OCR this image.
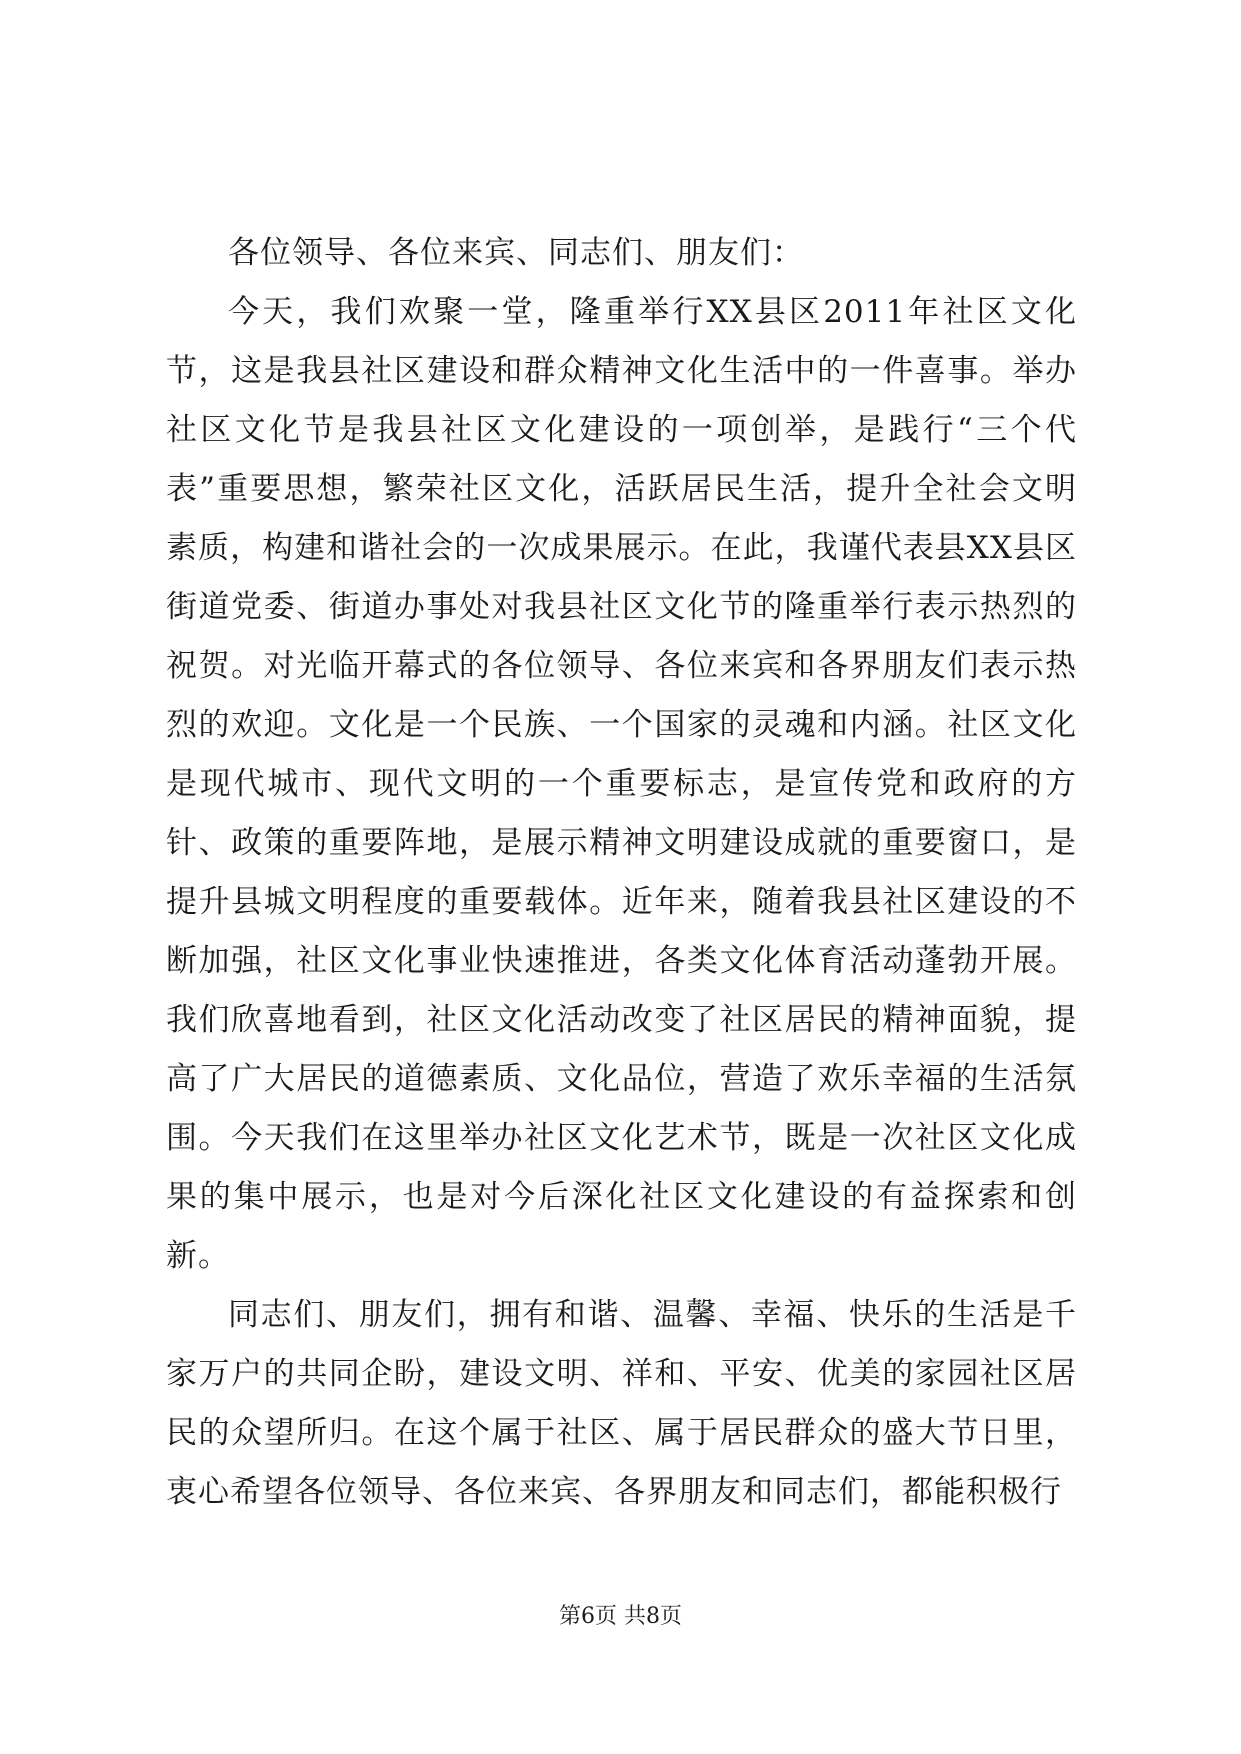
各位领导、各位来宾、同志们、朋友们：

今天，我们欢聚一堂，隆重举行XX县区2011年社区文化节，这是我县社区建设和群众精神文化生活中的一件喜事。举办社区文化节是我县社区文化建设的一项创举，是践行“三个代表”重要思想，繁荣社区文化，活跃居民生活，提升全社会文明素质，构建和谐社会的一次成果展示。在此，我谨代表县XX县区街道党委、街道办事处对我县社区文化节的隆重举行表示热烈的祝贺。对光临开幕式的各位领导、各位来宾和各界朋友们表示热烈的欢迎。文化是一个民族、一个国家的灵魂和内涵。社区文化是现代城市、现代文明的一个重要标志，是宣传党和政府的方针、政策的重要阵地，是展示精神文明建设成就的重要窗口，是提升县城文明程度的重要载体。近年来，随着我县社区建设的不断加强，社区文化事业快速推进，各类文化体育活动蓬勃开展。我们欣喜地看到，社区文化活动改变了社区居民的精神面貌，提高了广大居民的道德素质、文化品位，营造了欢乐幸福的生活氛围。今天我们在这里举办社区文化艺术节，既是一次社区文化成果的集中展示，也是对今后深化社区文化建设的有益探索和创新。

同志们、朋友们，拥有和谐、温馨、幸福、快乐的生活是千家万户的共同企盼，建设文明、祥和、平安、优美的家园社区居民的众望所归。在这个属于社区、属于居民群众的盛大节日里，衷心希望各位领导、各位来宾、各界朋友和同志们，都能积极行

第6页 共8页
